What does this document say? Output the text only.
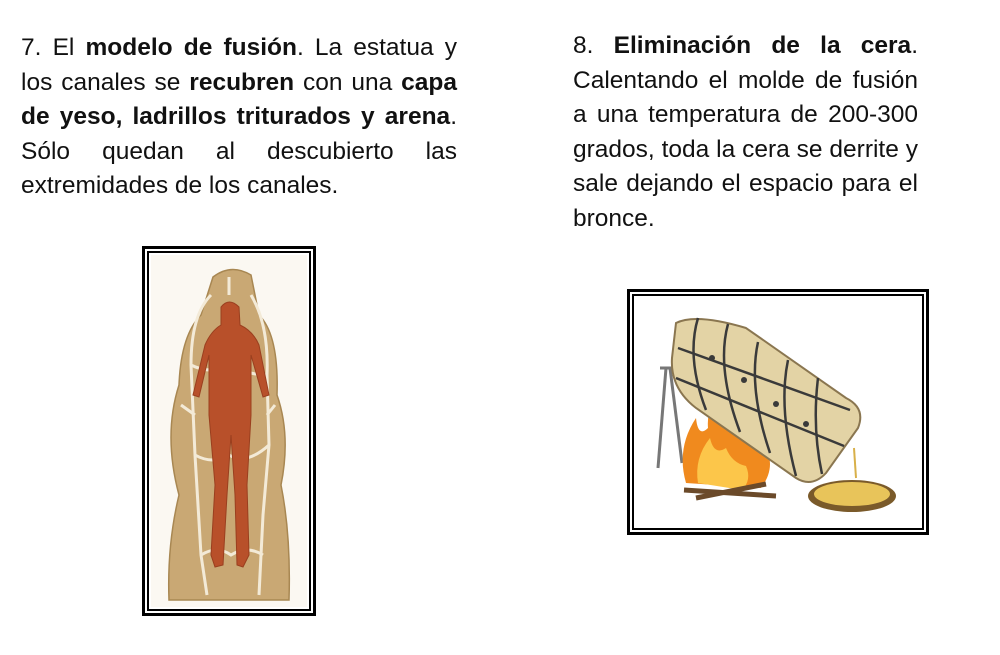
7. El modelo de fusión. La estatua y los canales se recubren con una capa de yeso, ladrillos triturados y arena. Sólo quedan al descubierto las extremidades de los canales.
8. Eliminación de la cera. Calentando el molde de fusión a una temperatura de 200-300 grados, toda la cera se derrite y sale dejando el espacio para el bronce.
